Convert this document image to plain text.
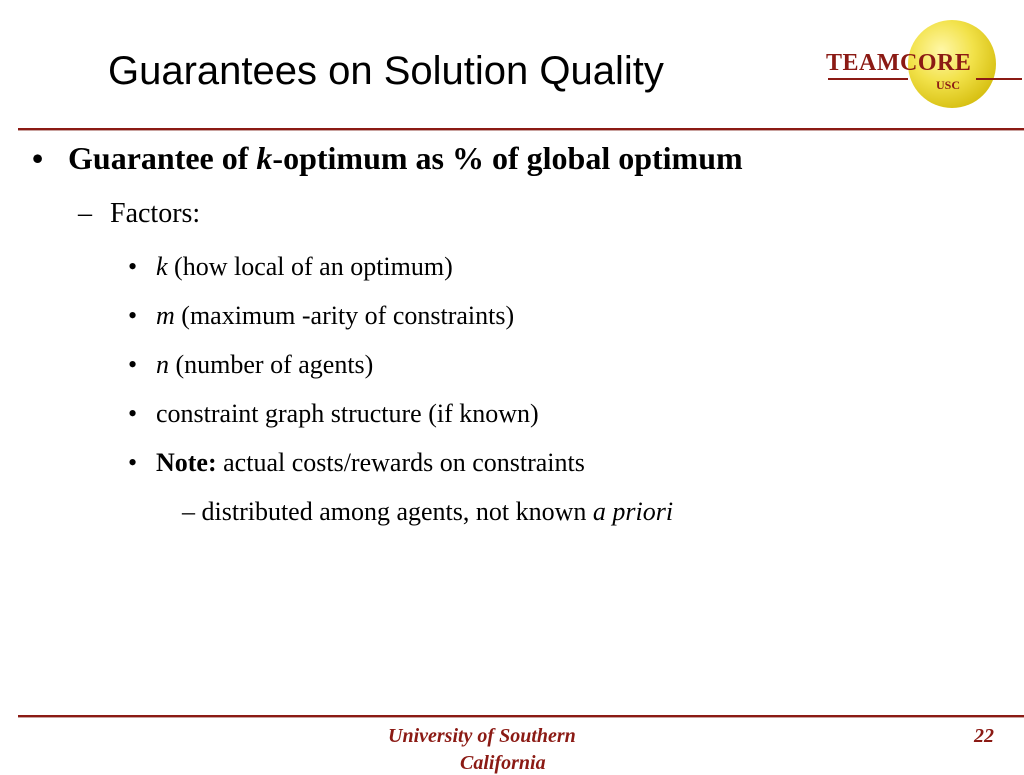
Guarantees on Solution Quality	TEAMCORE
USC
• Guarantee of k-optimum as % of global optimum
– Factors:
• k (how local of an optimum)
• m (maximum -arity of constraints)
• n (number of agents)
• constraint graph structure (if known)
• Note: actual costs/rewards on constraints
– distributed among agents, not known a priori
University of Southern
California
22
